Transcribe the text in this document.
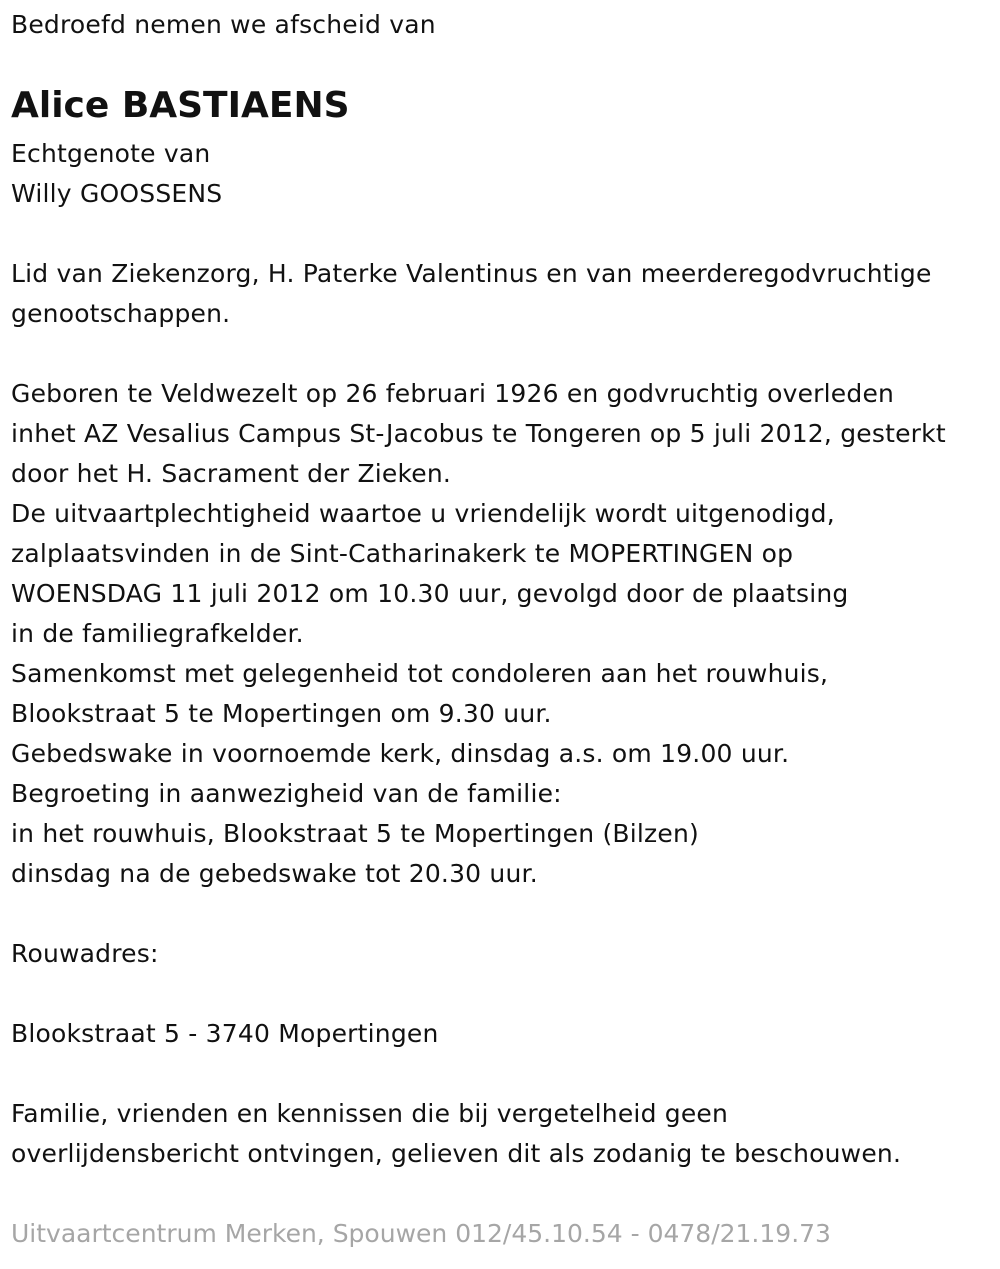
Bedroefd nemen we afscheid van
Alice BASTIAENS
Echtgenote van
Willy GOOSSENS
Lid van Ziekenzorg, H. Paterke Valentinus en van meerderegodvruchtige
genootschappen.
Geboren te Veldwezelt op 26 februari 1926 en godvruchtig overleden
inhet AZ Vesalius Campus St-Jacobus te Tongeren op 5 juli 2012, gesterkt
door het H. Sacrament der Zieken.
De uitvaartplechtigheid waartoe u vriendelijk wordt uitgenodigd,
zalplaatsvinden in de Sint-Catharinakerk te MOPERTINGEN op
WOENSDAG 11 juli 2012 om 10.30 uur, gevolgd door de plaatsing
in de familiegrafkelder.
Samenkomst met gelegenheid tot condoleren aan het rouwhuis,
Blookstraat 5 te Mopertingen om 9.30 uur.
Gebedswake in voornoemde kerk, dinsdag a.s. om 19.00 uur.
Begroeting in aanwezigheid van de familie:
in het rouwhuis, Blookstraat 5 te Mopertingen (Bilzen)
dinsdag na de gebedswake tot 20.30 uur.
Rouwadres:
Blookstraat 5 - 3740 Mopertingen
Familie, vrienden en kennissen die bij vergetelheid geen
overlijdensbericht ontvingen, gelieven dit als zodanig te beschouwen.
Uitvaartcentrum Merken, Spouwen 012/45.10.54 - 0478/21.19.73
